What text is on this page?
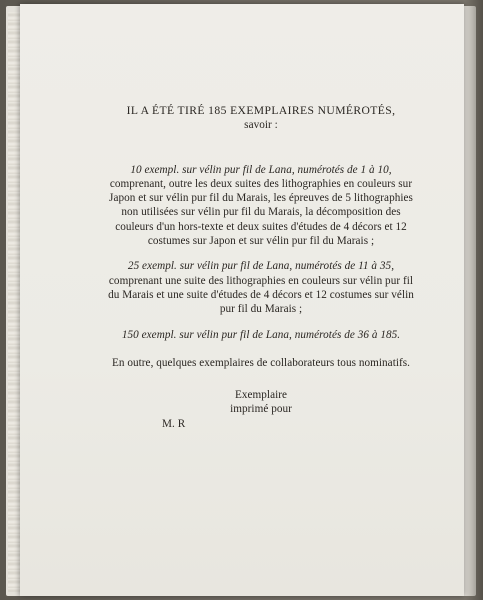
IL A ÉTÉ TIRÉ 185 EXEMPLAIRES NUMÉROTÉS,

savoir :

10 exempl. sur vélin pur fil de Lana, numérotés de 1 à 10, comprenant, outre les deux suites des lithographies en couleurs sur Japon et sur vélin pur fil du Marais, les épreuves de 5 lithographies non utilisées sur vélin pur fil du Marais, la décomposition des couleurs d'un hors-texte et deux suites d'études de 4 décors et 12 costumes sur Japon et sur vélin pur fil du Marais ;

25 exempl. sur vélin pur fil de Lana, numérotés de 11 à 35, comprenant une suite des lithographies en couleurs sur vélin pur fil du Marais et une suite d'études de 4 décors et 12 costumes sur vélin pur fil du Marais ;

150 exempl. sur vélin pur fil de Lana, numérotés de 36 à 185.

En outre, quelques exemplaires de collaborateurs tous nominatifs.

Exemplaire

imprimé pour

M. R
